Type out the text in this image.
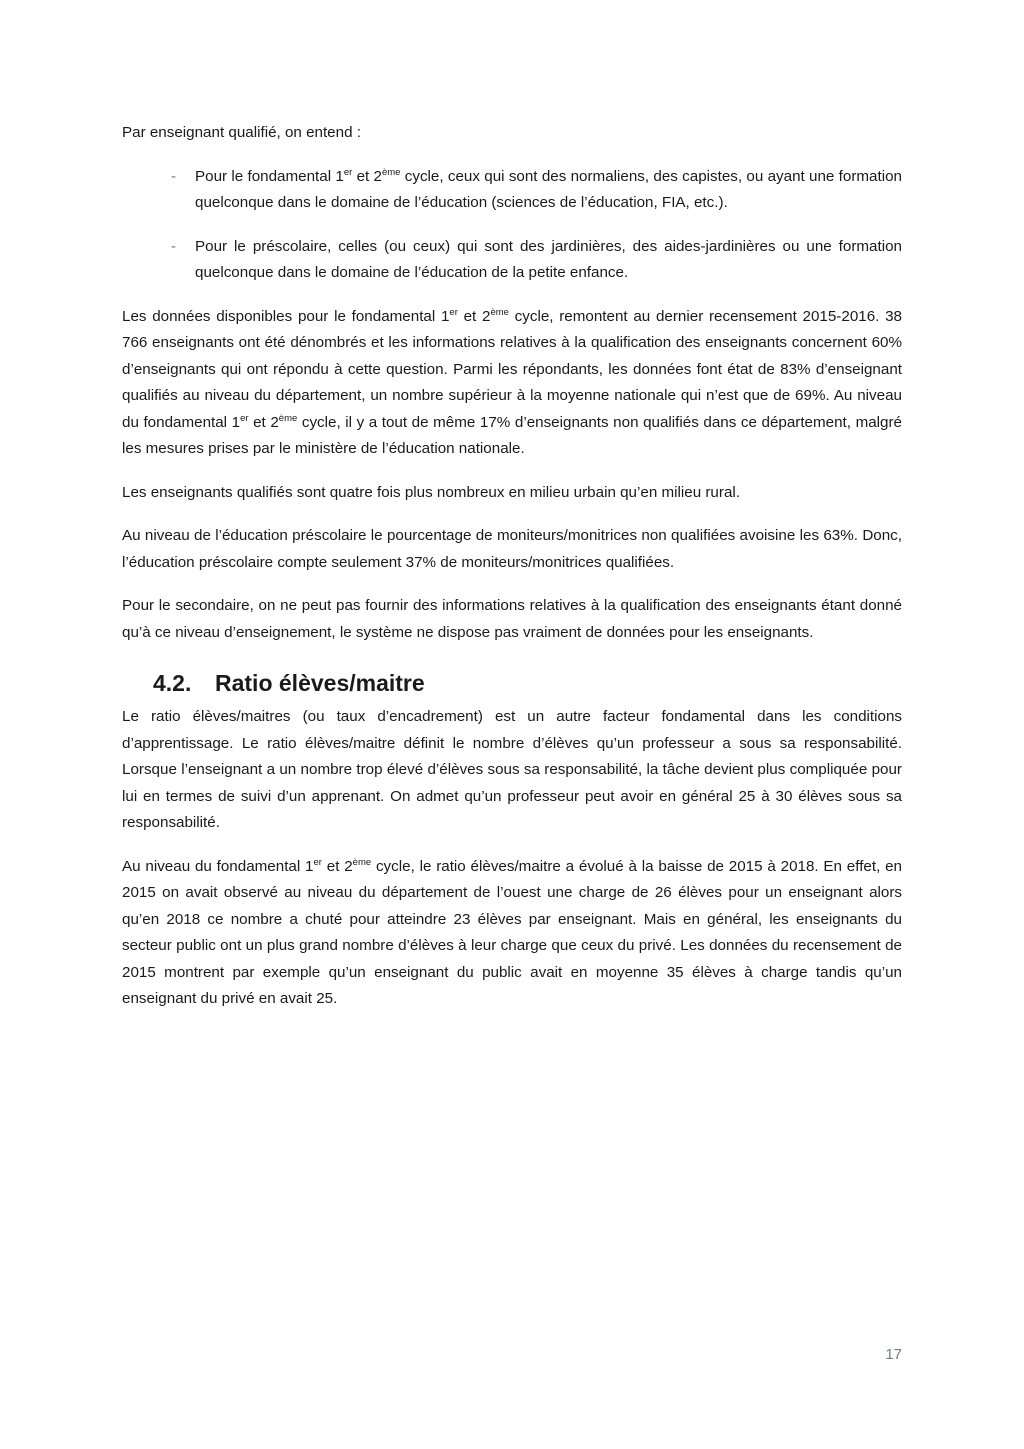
Par enseignant qualifié, on entend :

- Pour le fondamental 1er et 2ème cycle, ceux qui sont des normaliens, des capistes, ou ayant une formation quelconque dans le domaine de l’éducation (sciences de l’éducation, FIA, etc.).
- Pour le préscolaire, celles (ou ceux) qui sont des jardinières, des aides-jardinières ou une formation quelconque dans le domaine de l’éducation de la petite enfance.

Les données disponibles pour le fondamental 1er et 2ème cycle, remontent au dernier recensement 2015-2016. 38 766 enseignants ont été dénombrés et les informations relatives à la qualification des enseignants concernent 60% d’enseignants qui ont répondu à cette question. Parmi les répondants, les données font état de 83% d’enseignant qualifiés au niveau du département, un nombre supérieur à la moyenne nationale qui n’est que de 69%. Au niveau du fondamental 1er et 2ème cycle, il y a tout de même 17% d’enseignants non qualifiés dans ce département, malgré les mesures prises par le ministère de l’éducation nationale.

Les enseignants qualifiés sont quatre fois plus nombreux en milieu urbain qu’en milieu rural.

Au niveau de l’éducation préscolaire le pourcentage de moniteurs/monitrices non qualifiées avoisine les 63%. Donc, l’éducation préscolaire compte seulement 37% de moniteurs/monitrices qualifiées.

Pour le secondaire, on ne peut pas fournir des informations relatives à la qualification des enseignants étant donné qu’à ce niveau d’enseignement, le système ne dispose pas vraiment de données pour les enseignants.

4.2. Ratio élèves/maitre

Le ratio élèves/maitres (ou taux d’encadrement) est un autre facteur fondamental dans les conditions d’apprentissage. Le ratio élèves/maitre définit le nombre d’élèves qu’un professeur a sous sa responsabilité. Lorsque l’enseignant a un nombre trop élevé d’élèves sous sa responsabilité, la tâche devient plus compliquée pour lui en termes de suivi d’un apprenant. On admet qu’un professeur peut avoir en général 25 à 30 élèves sous sa responsabilité.

Au niveau du fondamental 1er et 2ème cycle, le ratio élèves/maitre a évolué à la baisse de 2015 à 2018. En effet, en 2015 on avait observé au niveau du département de l’ouest une charge de 26 élèves pour un enseignant alors qu’en 2018 ce nombre a chuté pour atteindre 23 élèves par enseignant. Mais en général, les enseignants du secteur public ont un plus grand nombre d’élèves à leur charge que ceux du privé. Les données du recensement de 2015 montrent par exemple qu’un enseignant du public avait en moyenne 35 élèves à charge tandis qu’un enseignant du privé en avait 25.

17
